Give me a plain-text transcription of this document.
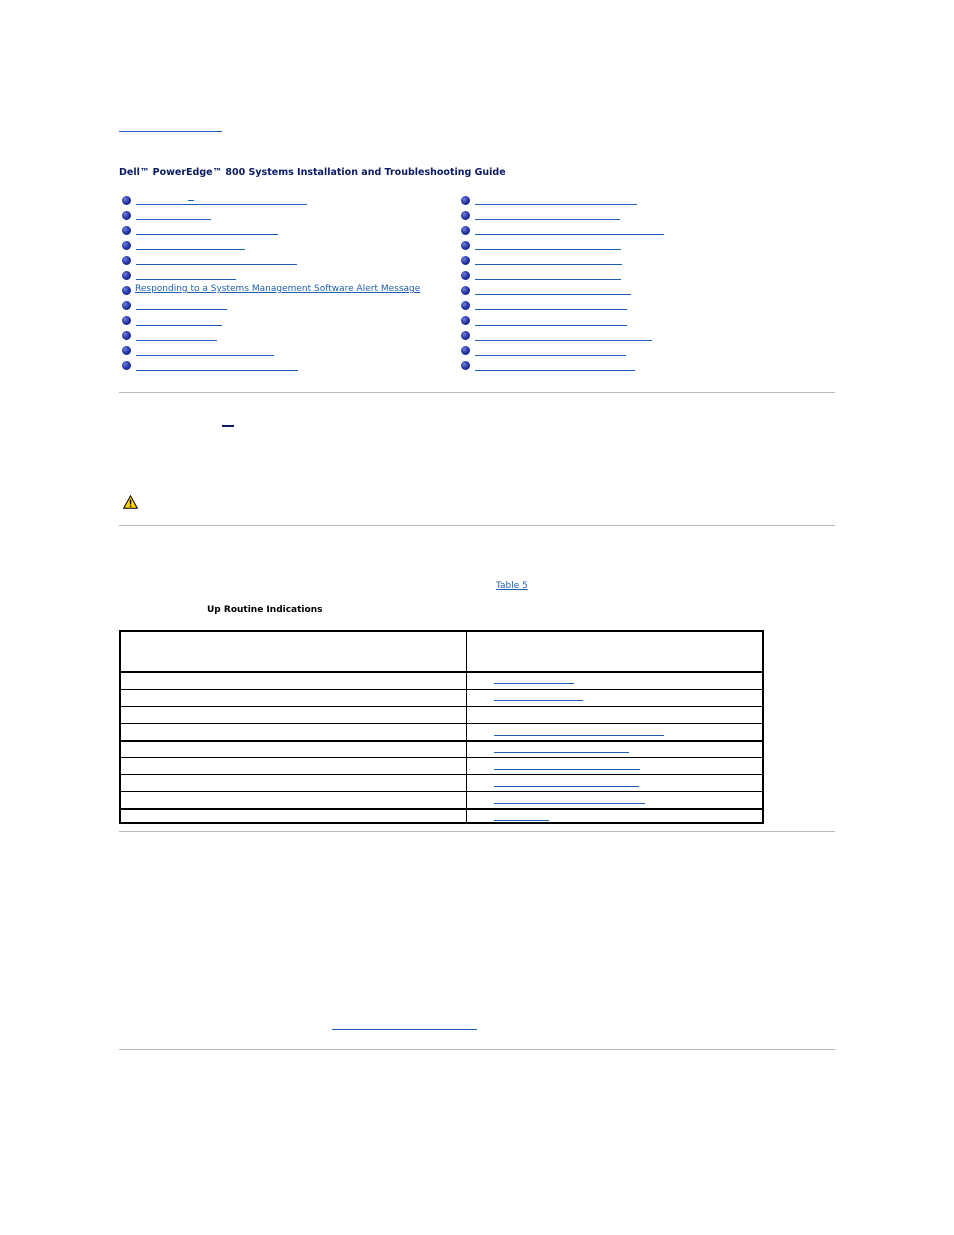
Dell™ PowerEdge™ 800 Systems Installation and Troubleshooting Guide
Responding to a Systems Management Software Alert Message
Table 5
Up Routine Indications
